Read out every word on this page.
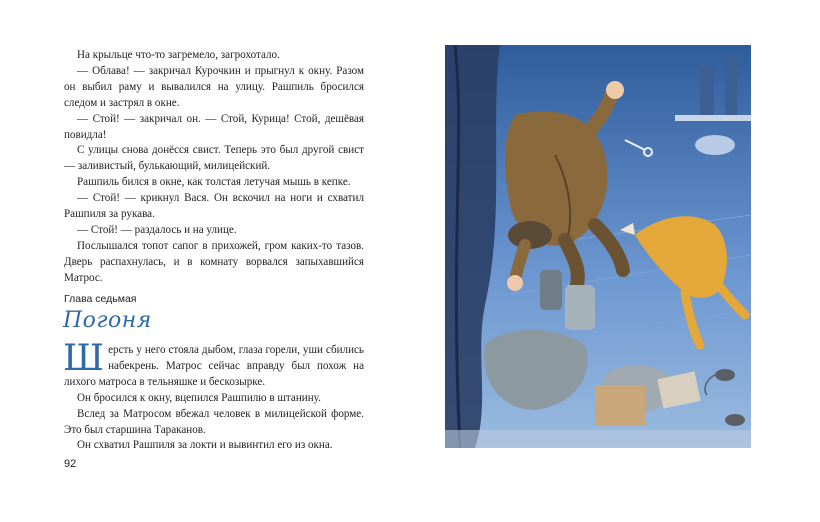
На крыльце что-то загремело, загрохотало.

— Облава! — закричал Курочкин и прыгнул к окну. Разом он выбил раму и вывалился на улицу. Рашпиль бросился следом и застрял в окне.

— Стой! — закричал он. — Стой, Курица! Стой, дешёвая повидла!

С улицы снова донёсся свист. Теперь это был другой свист — заливистый, булькающий, милицейский.

Рашпиль бился в окне, как толстая летучая мышь в кепке.

— Стой! — крикнул Вася. Он вскочил на ноги и схватил Рашпиля за рукава.

— Стой! — раздалось и на улице.

Послышался топот сапог в прихожей, гром каких-то тазов. Дверь распахнулась, и в комнату ворвался запыхавшийся Матрос.

Глава седьмая
Погоня

Шерсть у него стояла дыбом, глаза горели, уши сбились набекрень. Матрос сейчас вправду был похож на лихого матроса в тельняшке и бескозырке.

Он бросился к окну, вцепился Рашпилю в штанину.

Вслед за Матросом вбежал человек в милицейской форме. Это был старшина Тараканов.

Он схватил Рашпиля за локти и вывинтил его из окна.

92
